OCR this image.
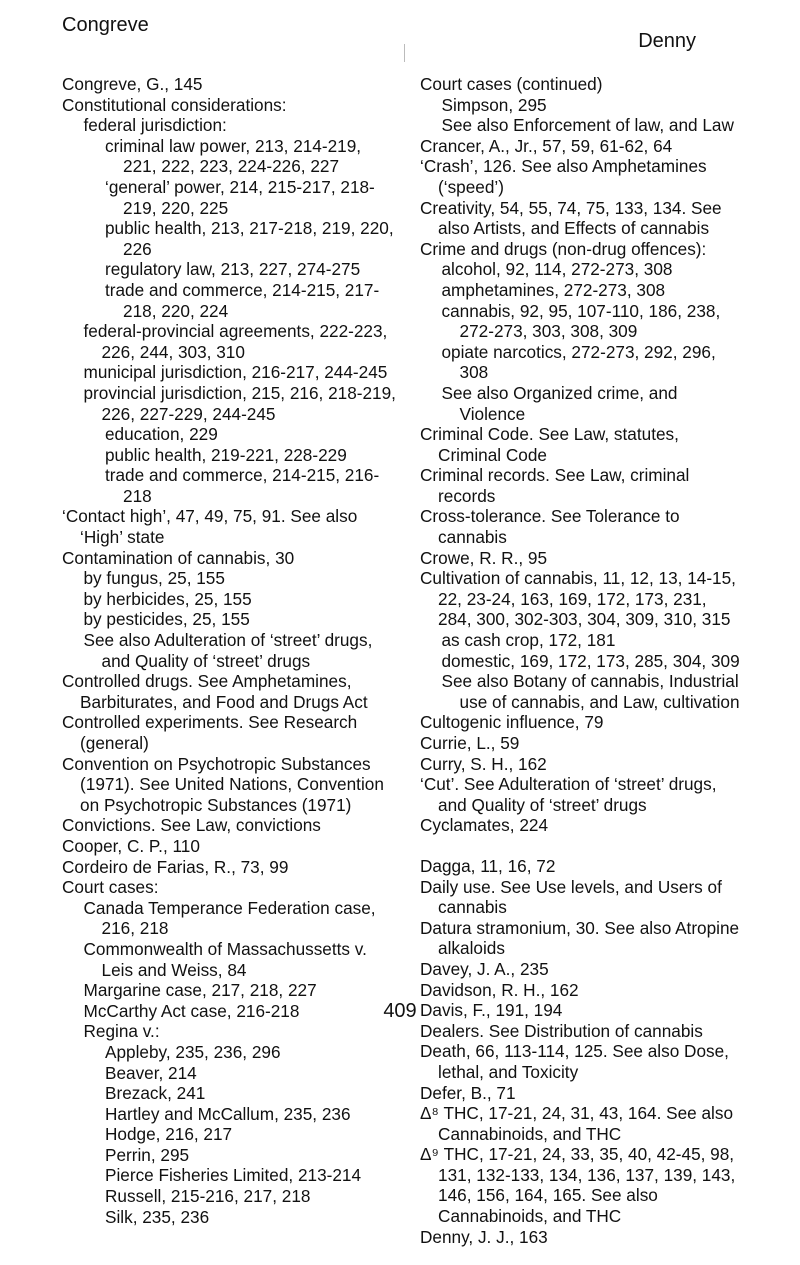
Congreve
Denny
Congreve, G., 145
Constitutional considerations:
federal jurisdiction:
criminal law power, 213, 214-219, 221, 222, 223, 224-226, 227
‘general’ power, 214, 215-217, 218-219, 220, 225
public health, 213, 217-218, 219, 220, 226
regulatory law, 213, 227, 274-275
trade and commerce, 214-215, 217-218, 220, 224
federal-provincial agreements, 222-223, 226, 244, 303, 310
municipal jurisdiction, 216-217, 244-245
provincial jurisdiction, 215, 216, 218-219, 226, 227-229, 244-245
education, 229
public health, 219-221, 228-229
trade and commerce, 214-215, 216-218
‘Contact high’, 47, 49, 75, 91. See also ‘High’ state
Contamination of cannabis, 30
by fungus, 25, 155
by herbicides, 25, 155
by pesticides, 25, 155
See also Adulteration of ‘street’ drugs, and Quality of ‘street’ drugs
Controlled drugs. See Amphetamines, Barbiturates, and Food and Drugs Act
Controlled experiments. See Research (general)
Convention on Psychotropic Substances (1971). See United Nations, Convention on Psychotropic Substances (1971)
Convictions. See Law, convictions
Cooper, C. P., 110
Cordeiro de Farias, R., 73, 99
Court cases:
Canada Temperance Federation case, 216, 218
Commonwealth of Massachussetts v. Leis and Weiss, 84
Margarine case, 217, 218, 227
McCarthy Act case, 216-218
Regina v.:
Appleby, 235, 236, 296
Beaver, 214
Brezack, 241
Hartley and McCallum, 235, 236
Hodge, 216, 217
Perrin, 295
Pierce Fisheries Limited, 213-214
Russell, 215-216, 217, 218
Silk, 235, 236
Court cases (continued)
Simpson, 295
See also Enforcement of law, and Law
Crancer, A., Jr., 57, 59, 61-62, 64
‘Crash’, 126. See also Amphetamines (‘speed’)
Creativity, 54, 55, 74, 75, 133, 134. See also Artists, and Effects of cannabis
Crime and drugs (non-drug offences):
alcohol, 92, 114, 272-273, 308
amphetamines, 272-273, 308
cannabis, 92, 95, 107-110, 186, 238, 272-273, 303, 308, 309
opiate narcotics, 272-273, 292, 296, 308
See also Organized crime, and Violence
Criminal Code. See Law, statutes, Criminal Code
Criminal records. See Law, criminal records
Cross-tolerance. See Tolerance to cannabis
Crowe, R. R., 95
Cultivation of cannabis, 11, 12, 13, 14-15, 22, 23-24, 163, 169, 172, 173, 231, 284, 300, 302-303, 304, 309, 310, 315
as cash crop, 172, 181
domestic, 169, 172, 173, 285, 304, 309
See also Botany of cannabis, Industrial use of cannabis, and Law, cultivation
Cultogenic influence, 79
Currie, L., 59
Curry, S. H., 162
‘Cut’. See Adulteration of ‘street’ drugs, and Quality of ‘street’ drugs
Cyclamates, 224
Dagga, 11, 16, 72
Daily use. See Use levels, and Users of cannabis
Datura stramonium, 30. See also Atropine alkaloids
Davey, J. A., 235
Davidson, R. H., 162
Davis, F., 191, 194
Dealers. See Distribution of cannabis
Death, 66, 113-114, 125. See also Dose, lethal, and Toxicity
Defer, B., 71
Δ⁸ THC, 17-21, 24, 31, 43, 164. See also Cannabinoids, and THC
Δ⁹ THC, 17-21, 24, 33, 35, 40, 42-45, 98, 131, 132-133, 134, 136, 137, 139, 143, 146, 156, 164, 165. See also Cannabinoids, and THC
Denny, J. J., 163
409
